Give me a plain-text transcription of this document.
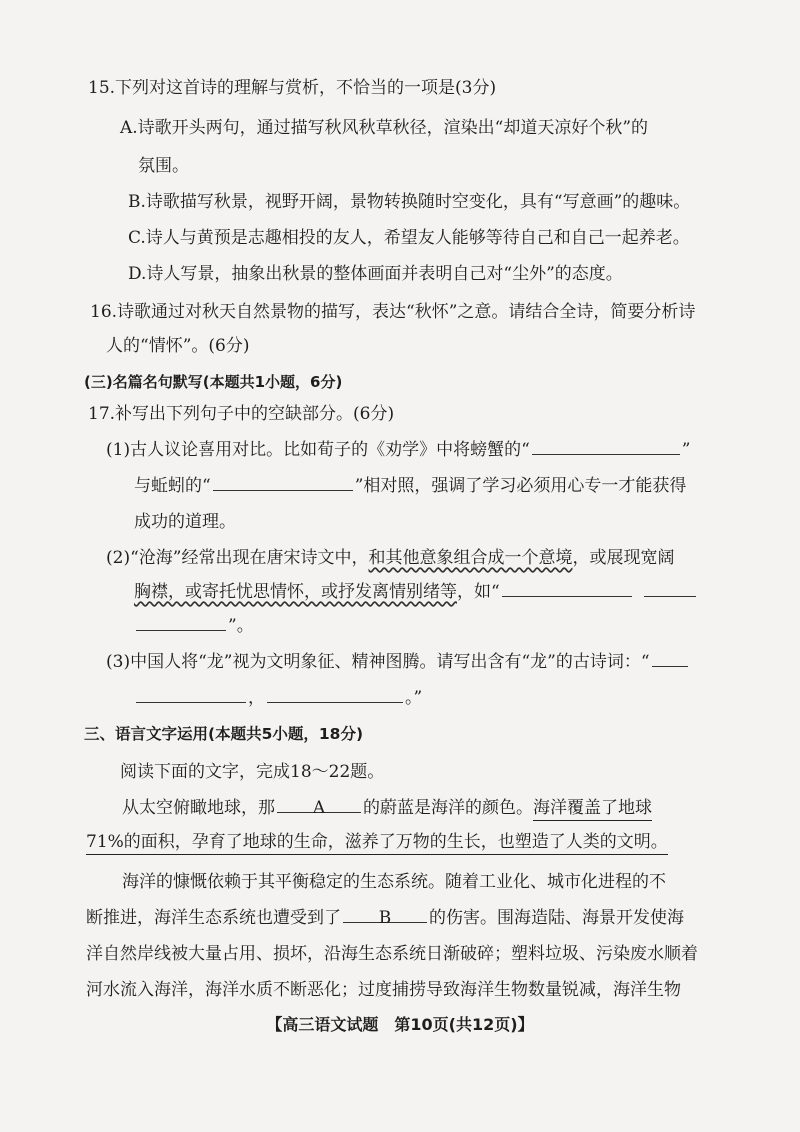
15.下列对这首诗的理解与赏析，不恰当的一项是(3分)
A.诗歌开头两句，通过描写秋风秋草秋径，渲染出“却道天凉好个秋”的
氛围。
B.诗歌描写秋景，视野开阔，景物转换随时空变化，具有“写意画”的趣味。
C.诗人与黄预是志趣相投的友人，希望友人能够等待自己和自己一起养老。
D.诗人写景，抽象出秋景的整体画面并表明自己对“尘外”的态度。
16.诗歌通过对秋天自然景物的描写，表达“秋怀”之意。请结合全诗，简要分析诗
人的“情怀”。(6分)
(三)名篇名句默写(本题共1小题，6分)
17.补写出下列句子中的空缺部分。(6分)
(1)古人议论喜用对比。比如荀子的《劝学》中将螃蟹的“	”
与蚯蚓的“	”相对照，强调了学习必须用心专一才能获得
成功的道理。
(2)“沧海”经常出现在唐宋诗文中，和其他意象组合成一个意境，或展现宽阔
胸襟，或寄托忧思情怀，或抒发离情别绪等，如“
”。
(3)中国人将“龙”视为文明象征、精神图腾。请写出含有“龙”的古诗词：“
，	。”
三、语言文字运用(本题共5小题，18分)
阅读下面的文字，完成18～22题。
从太空俯瞰地球，那 A 的蔚蓝是海洋的颜色。海洋覆盖了地球
71%的面积，孕育了地球的生命，滋养了万物的生长，也塑造了人类的文明。
海洋的慷慨依赖于其平衡稳定的生态系统。随着工业化、城市化进程的不
断推进，海洋生态系统也遭受到了 B 的伤害。围海造陆、海景开发使海
洋自然岸线被大量占用、损坏，沿海生态系统日渐破碎；塑料垃圾、污染废水顺着
河水流入海洋，海洋水质不断恶化；过度捕捞导致海洋生物数量锐减，海洋生物
【高三语文试题　第10页(共12页)】
